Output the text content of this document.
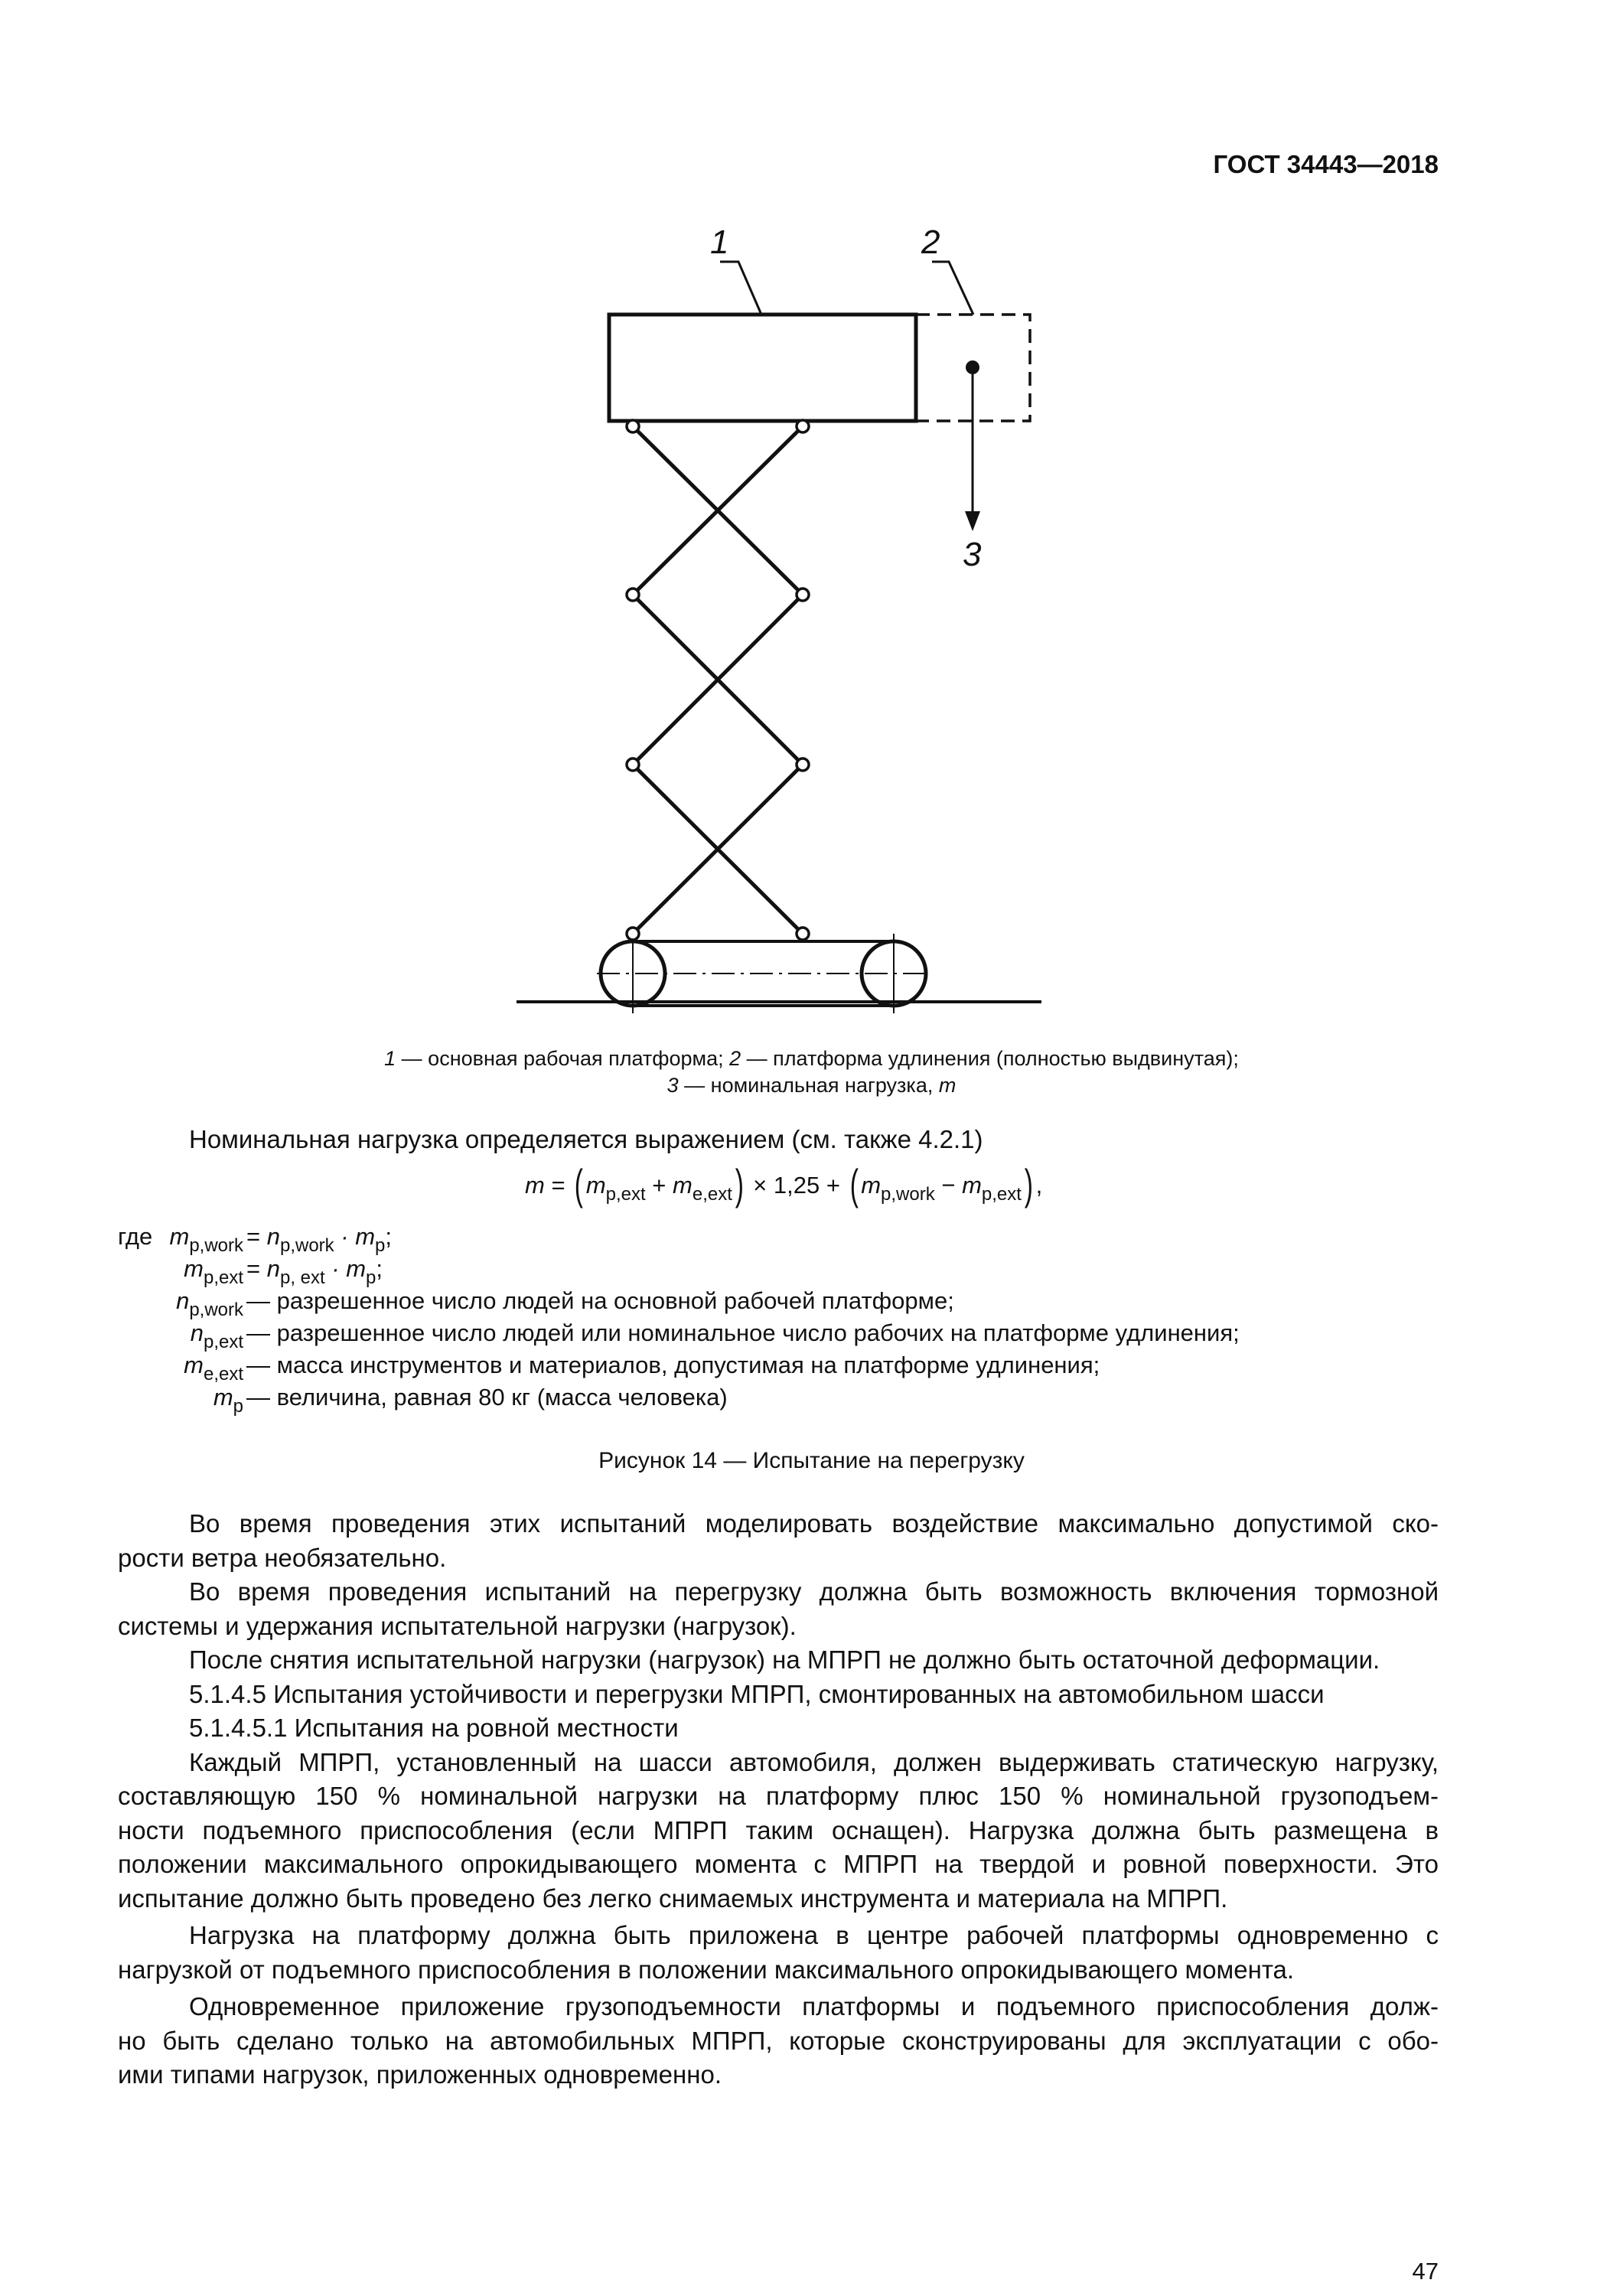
ГОСТ 34443—2018
1	2
3
1 — основная рабочая платформа; 2 — платформа удлинения (полностью выдвинутая);
3 — номинальная нагрузка, m
Номинальная нагрузка определяется выражением (см. также 4.2.1)
m = ( $m_{p,ext} + m_{e,ext}) \times 1,25$ + ( $m_{p,work} - m_{p,ext}$) ,
где $m_{p,work} = n_{p,work} \cdot m_p$;
$m_{p,ext} = n_{p, ext} \cdot m_p$;
$n_{p,work}$ — разрешенное число людей на основной рабочей платформе;
$n_{p,ext}$ — разрешенное число людей или номинальное число рабочих на платформе удлинения;
$m_{e,ext}$ — масса инструментов и материалов, допустимая на платформе удлинения;
$m_p$ — величина, равная 80 кг (масса человека)
Рисунок 14 — Испытание на перегрузку
Во время проведения этих испытаний моделировать воздействие максимально допустимой ско-
рости ветра необязательно.
Во время проведения испытаний на перегрузку должна быть возможность включения тормозной
системы и удержания испытательной нагрузки (нагрузок).
После снятия испытательной нагрузки (нагрузок) на МПРП не должно быть остаточной деформации.
5.1.4.5 Испытания устойчивости и перегрузки МПРП, смонтированных на автомобильном шасси
5.1.4.5.1 Испытания на ровной местности
Каждый МПРП, установленный на шасси автомобиля, должен выдерживать статическую нагрузку,
составляющую 150 % номинальной нагрузки на платформу плюс 150 % номинальной грузоподъем-
ности подъемного приспособления (если МПРП таким оснащен). Нагрузка должна быть размещена в
положении максимального опрокидывающего момента с МПРП на твердой и ровной поверхности. Это
испытание должно быть проведено без легко снимаемых инструмента и материала на МПРП.
Нагрузка на платформу должна быть приложена в центре рабочей платформы одновременно с
нагрузкой от подъемного приспособления в положении максимального опрокидывающего момента.
Одновременное приложение грузоподъемности платформы и подъемного приспособления долж-
но быть сделано только на автомобильных МПРП, которые сконструированы для эксплуатации с обо-
ими типами нагрузок, приложенных одновременно.
47
